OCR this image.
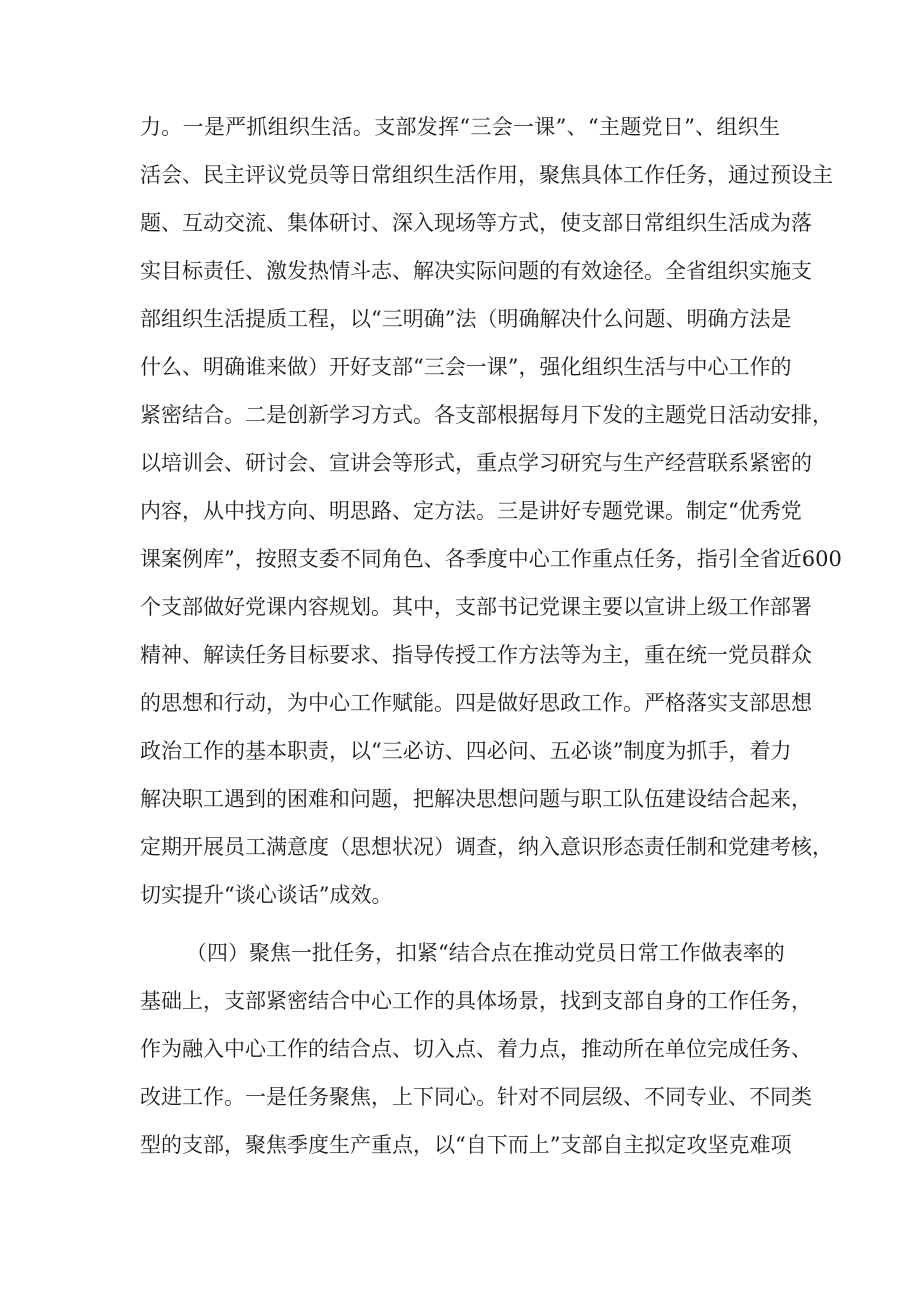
力。一是严抓组织生活。支部发挥“三会一课”、“主题党日”、组织生
活会、民主评议党员等日常组织生活作用，聚焦具体工作任务，通过预设主
题、互动交流、集体研讨、深入现场等方式，使支部日常组织生活成为落
实目标责任、激发热情斗志、解决实际问题的有效途径。全省组织实施支
部组织生活提质工程，以“三明确”法（明确解决什么问题、明确方法是
什么、明确谁来做）开好支部“三会一课”，强化组织生活与中心工作的
紧密结合。二是创新学习方式。各支部根据每月下发的主题党日活动安排，
以培训会、研讨会、宣讲会等形式，重点学习研究与生产经营联系紧密的
内容，从中找方向、明思路、定方法。三是讲好专题党课。制定“优秀党
课案例库”，按照支委不同角色、各季度中心工作重点任务，指引全省近600
个支部做好党课内容规划。其中，支部书记党课主要以宣讲上级工作部署
精神、解读任务目标要求、指导传授工作方法等为主，重在统一党员群众
的思想和行动，为中心工作赋能。四是做好思政工作。严格落实支部思想
政治工作的基本职责，以“三必访、四必问、五必谈”制度为抓手，着力
解决职工遇到的困难和问题，把解决思想问题与职工队伍建设结合起来，
定期开展员工满意度（思想状况）调查，纳入意识形态责任制和党建考核，
切实提升“谈心谈话”成效。
（四）聚焦一批任务，扣紧“结合点在推动党员日常工作做表率的
基础上，支部紧密结合中心工作的具体场景，找到支部自身的工作任务，
作为融入中心工作的结合点、切入点、着力点，推动所在单位完成任务、
改进工作。一是任务聚焦，上下同心。针对不同层级、不同专业、不同类
型的支部，聚焦季度生产重点，以“自下而上”支部自主拟定攻坚克难项
